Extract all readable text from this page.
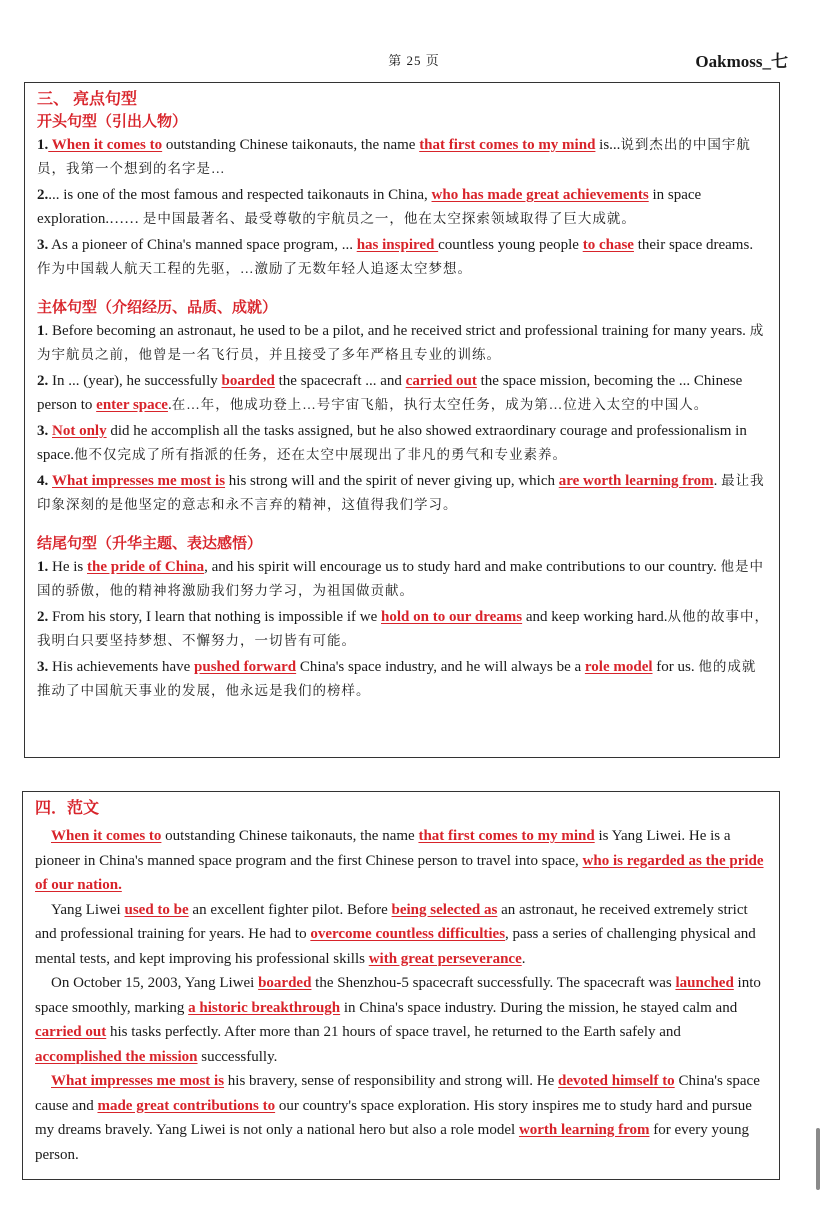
第 25 页	Oakmoss_七
三、 亮点句型
开头句型（引出人物）

1. When it comes to outstanding Chinese taikonauts, the name that first comes to my mind is...说到杰出的中国宇航员，我第一个想到的名字是…

2.... is one of the most famous and respected taikonauts in China, who has made great achievements in space exploration.…… 是中国最著名、最受尊敬的宇航员之一，他在太空探索领域取得了巨大成就。

3. As a pioneer of China's manned space program, ... has inspired countless young people to chase their space dreams. 作为中国载人航天工程的先驱，…激励了无数年轻人追逐太空梦想。

主体句型（介绍经历、品质、成就）

1. Before becoming an astronaut, he used to be a pilot, and he received strict and professional training for many years. 成为宇航员之前，他曾是一名飞行员，并且接受了多年严格且专业的训练。

2. In ... (year), he successfully boarded the spacecraft ... and carried out the space mission, becoming the ... Chinese person to enter space.在…年，他成功登上…号宇宙飞船，执行太空任务，成为第…位进入太空的中国人。

3. Not only did he accomplish all the tasks assigned, but he also showed extraordinary courage and professionalism in space.他不仅完成了所有指派的任务，还在太空中展现出了非凡的勇气和专业素养。

4. What impresses me most is his strong will and the spirit of never giving up, which are worth learning from. 最让我印象深刻的是他坚定的意志和永不言弃的精神，这值得我们学习。

结尾句型（升华主题、表达感悟）

1. He is the pride of China, and his spirit will encourage us to study hard and make contributions to our country. 他是中国的骄傲，他的精神将激励我们努力学习，为祖国做贡献。

2. From his story, I learn that nothing is impossible if we hold on to our dreams and keep working hard.从他的故事中，我明白只要坚持梦想、不懈努力，一切皆有可能。

3. His achievements have pushed forward China's space industry, and he will always be a role model for us. 他的成就推动了中国航天事业的发展，他永远是我们的榜样。

四．范文

When it comes to outstanding Chinese taikonauts, the name that first comes to my mind is Yang Liwei. He is a pioneer in China's manned space program and the first Chinese person to travel into space, who is regarded as the pride of our nation.

Yang Liwei used to be an excellent fighter pilot. Before being selected as an astronaut, he received extremely strict and professional training for years. He had to overcome countless difficulties, pass a series of challenging physical and mental tests, and kept improving his professional skills with great perseverance.

On October 15, 2003, Yang Liwei boarded the Shenzhou-5 spacecraft successfully. The spacecraft was launched into space smoothly, marking a historic breakthrough in China's space industry. During the mission, he stayed calm and carried out his tasks perfectly. After more than 21 hours of space travel, he returned to the Earth safely and accomplished the mission successfully.

What impresses me most is his bravery, sense of responsibility and strong will. He devoted himself to China's space cause and made great contributions to our country's space exploration. His story inspires me to study hard and pursue my dreams bravely. Yang Liwei is not only a national hero but also a role model worth learning from for every young person.
